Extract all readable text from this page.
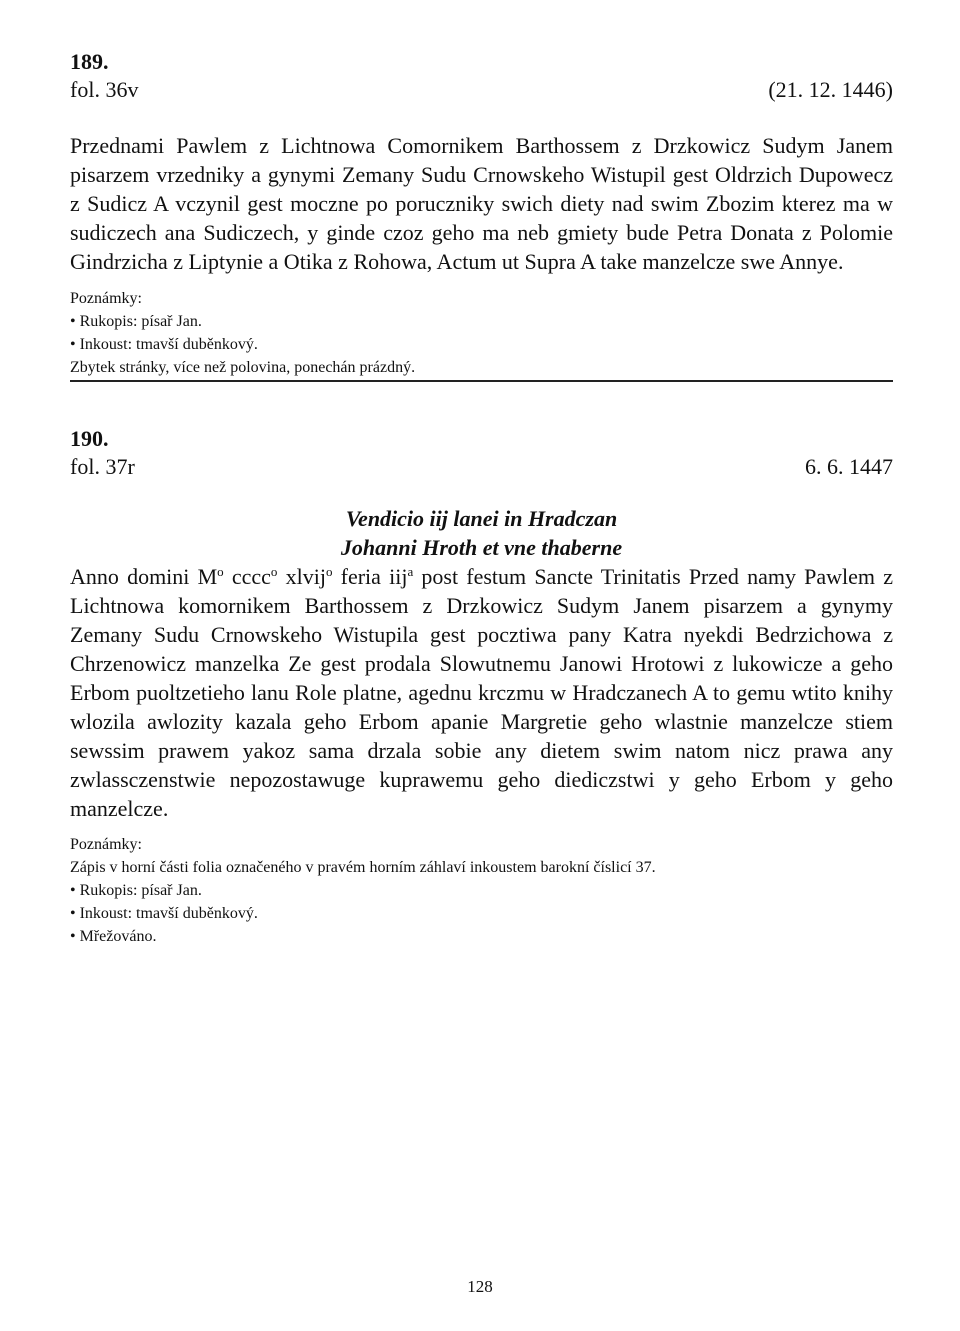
189.
fol. 36v	(21. 12. 1446)

Przednami Pawlem z Lichtnowa Comornikem Barthossem z Drzkowicz Sudym Janem pisarzem vrzedniky a gynymi Zemany Sudu Crnowskeho Wistupil gest Oldrzich Dupowecz z Sudicz A vczynil gest moczne po poruczniky swich diety nad swim Zbozim kterez ma w sudiczech ana Sudiczech, y ginde czoz geho ma neb gmiety bude Petra Donata z Polomie Gindrzicha z Liptynie a Otika z Rohowa, Actum ut Supra A take manzelcze swe Annye.

Poznámky:
• Rukopis: písař Jan.
• Inkoust: tmavší duběnkový.
Zbytek stránky, více než polovina, ponechán prázdný.
190.
fol. 37r	6. 6. 1447
Vendicio iij lanei in Hradczan
Johanni Hroth et vne thaberne

Anno domini $M^o$ cccc$^o$ xlvij$^o$ feria iij$^a$ post festum Sancte Trinitatis Przed namy Pawlem z Lichtnowa komornikem Barthossem z Drzkowicz Sudym Janem pisarzem a gynymy Zemany Sudu Crnowskeho Wistupila gest pocztiwa pany Katra nyekdi Bedrzichowa z Chrzenowicz manzelka Ze gest prodala Slowutnemu Janowi Hrotowi z lukowicze a geho Erbom puoltzetieho lanu Role platne, agednu krczmu w Hradczanech A to gemu wtito knihy wlozila awlozity kazala geho Erbom apanie Margretie geho wlastnie manzelcze stiem sewssim prawem yakoz sama drzala sobie any dietem swim natom nicz prawa any zwlassczenstwie nepozostawuge kuprawemu geho diediczstwi y geho Erbom y geho manzelcze.

Poznámky:
Zápis v horní části folia označeného v pravém horním záhlaví inkoustem barokní číslicí 37.
• Rukopis: písař Jan.
• Inkoust: tmavší duběnkový.
• Mřežováno.
128
